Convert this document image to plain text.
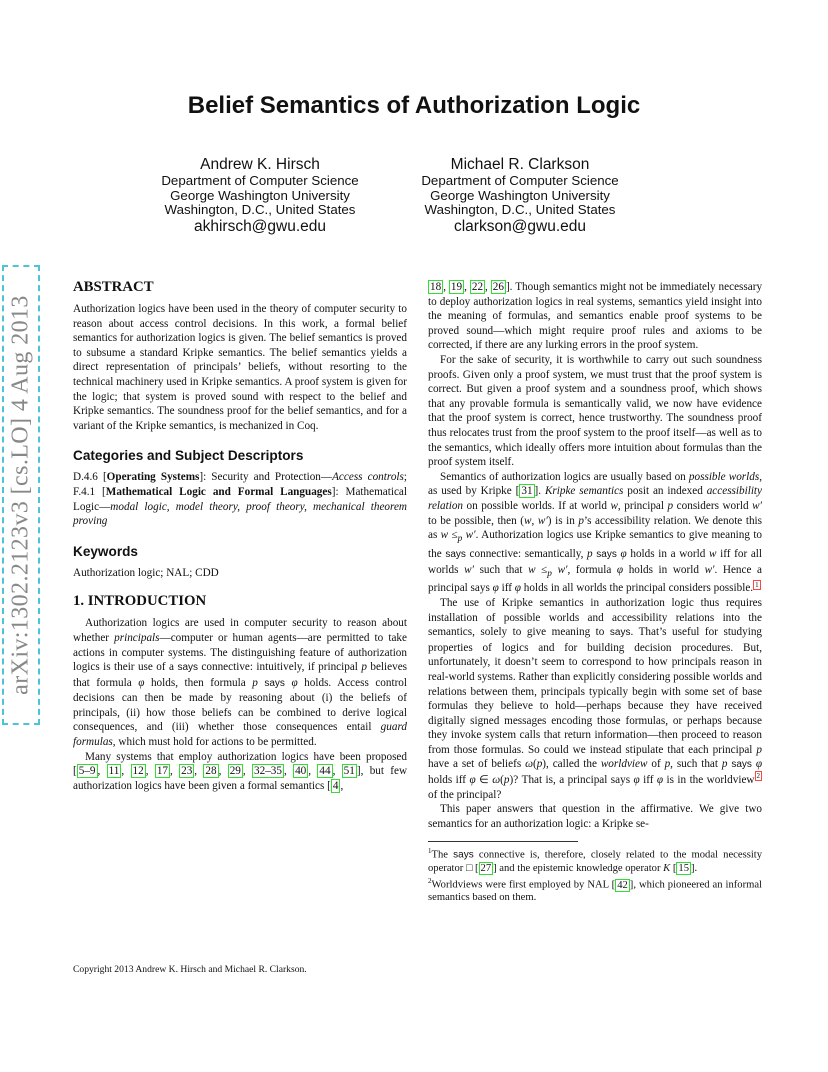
Belief Semantics of Authorization Logic
Andrew K. Hirsch
Department of Computer Science
George Washington University
Washington, D.C., United States
akhirsch@gwu.edu
Michael R. Clarkson
Department of Computer Science
George Washington University
Washington, D.C., United States
clarkson@gwu.edu
arXiv:1302.2123v3 [cs.LO] 4 Aug 2013
ABSTRACT

Authorization logics have been used in the theory of computer security to reason about access control decisions. In this work, a formal belief semantics for authorization logics is given. The belief semantics is proved to subsume a standard Kripke semantics. The belief semantics yields a direct representation of principals’ beliefs, without resorting to the technical machinery used in Kripke semantics. A proof system is given for the logic; that system is proved sound with respect to the belief and Kripke semantics. The soundness proof for the belief semantics, and for a variant of the Kripke semantics, is mechanized in Coq.

Categories and Subject Descriptors

D.4.6 [Operating Systems]: Security and Protection—Access controls; F.4.1 [Mathematical Logic and Formal Languages]: Mathematical Logic—modal logic, model theory, proof theory, mechanical theorem proving

Keywords

Authorization logic; NAL; CDD

1. INTRODUCTION

Authorization logics are used in computer security to reason about whether principals—computer or human agents—are permitted to take actions in computer systems. The distinguishing feature of authorization logics is their use of a says connective: intuitively, if principal p believes that formula φ holds, then formula p says φ holds. Access control decisions can then be made by reasoning about (i) the beliefs of principals, (ii) how those beliefs can be combined to derive logical consequences, and (iii) whether those consequences entail guard formulas, which must hold for actions to be permitted.

Many systems that employ authorization logics have been proposed [ 5–9 , 11 , 12 , 17 , 23 , 28 , 29 , 32–35 , 40 , 44 , 51 ], but few authorization logics have been given a formal semantics [ 4 ,

18 , 19 , 22 , 26 ]. Though semantics might not be immediately necessary to deploy authorization logics in real systems, semantics yield insight into the meaning of formulas, and semantics enable proof systems to be proved sound—which might require proof rules and axioms to be corrected, if there are any lurking errors in the proof system.

For the sake of security, it is worthwhile to carry out such soundness proofs. Given only a proof system, we must trust that the proof system is correct. But given a proof system and a soundness proof, which shows that any provable formula is semantically valid, we now have evidence that the proof system is correct, hence trustworthy. The soundness proof thus relocates trust from the proof system to the proof itself—as well as to the semantics, which ideally offers more intuition about formulas than the proof system itself.

Semantics of authorization logics are usually based on possible worlds, as used by Kripke [ 31 ]. Kripke semantics posit an indexed accessibility relation on possible worlds. If at world w, principal p considers world w′ to be possible, then (w, w′) is in p’s accessibility relation. We denote this as $w \le_p$ w′. Authorization logics use Kripke semantics to give meaning to the says connective: semantically, p says φ holds in a world w iff for all worlds w′ such that $w \le_p$ w′, formula φ holds in world w′. Hence a principal says φ iff φ holds in all worlds the principal considers possible. $^1$

The use of Kripke semantics in authorization logic thus requires installation of possible worlds and accessibility relations into the semantics, solely to give meaning to says. That’s useful for studying properties of logics and for building decision procedures. But, unfortunately, it doesn’t seem to correspond to how principals reason in real-world systems. Rather than explicitly considering possible worlds and relations between them, principals typically begin with some set of base formulas they believe to hold—perhaps because they have received digitally signed messages encoding those formulas, or perhaps because they invoke system calls that return information—then proceed to reason from those formulas. So could we instead stipulate that each principal p have a set of beliefs ω(p), called the worldview of p, such that p says φ holds iff φ ∈ ω(p)? That is, a principal says φ iff φ is in the worldview $^2$ of the principal?

This paper answers that question in the affirmative. We give two semantics for an authorization logic: a Kripke se-

$^1$The says connective is, therefore, closely related to the modal necessity operator □ [ 27 ] and the epistemic knowledge operator K [ 15 ].

$^2$Worldviews were first employed by NAL [ 42 ], which pioneered an informal semantics based on them.

Copyright 2013 Andrew K. Hirsch and Michael R. Clarkson.
